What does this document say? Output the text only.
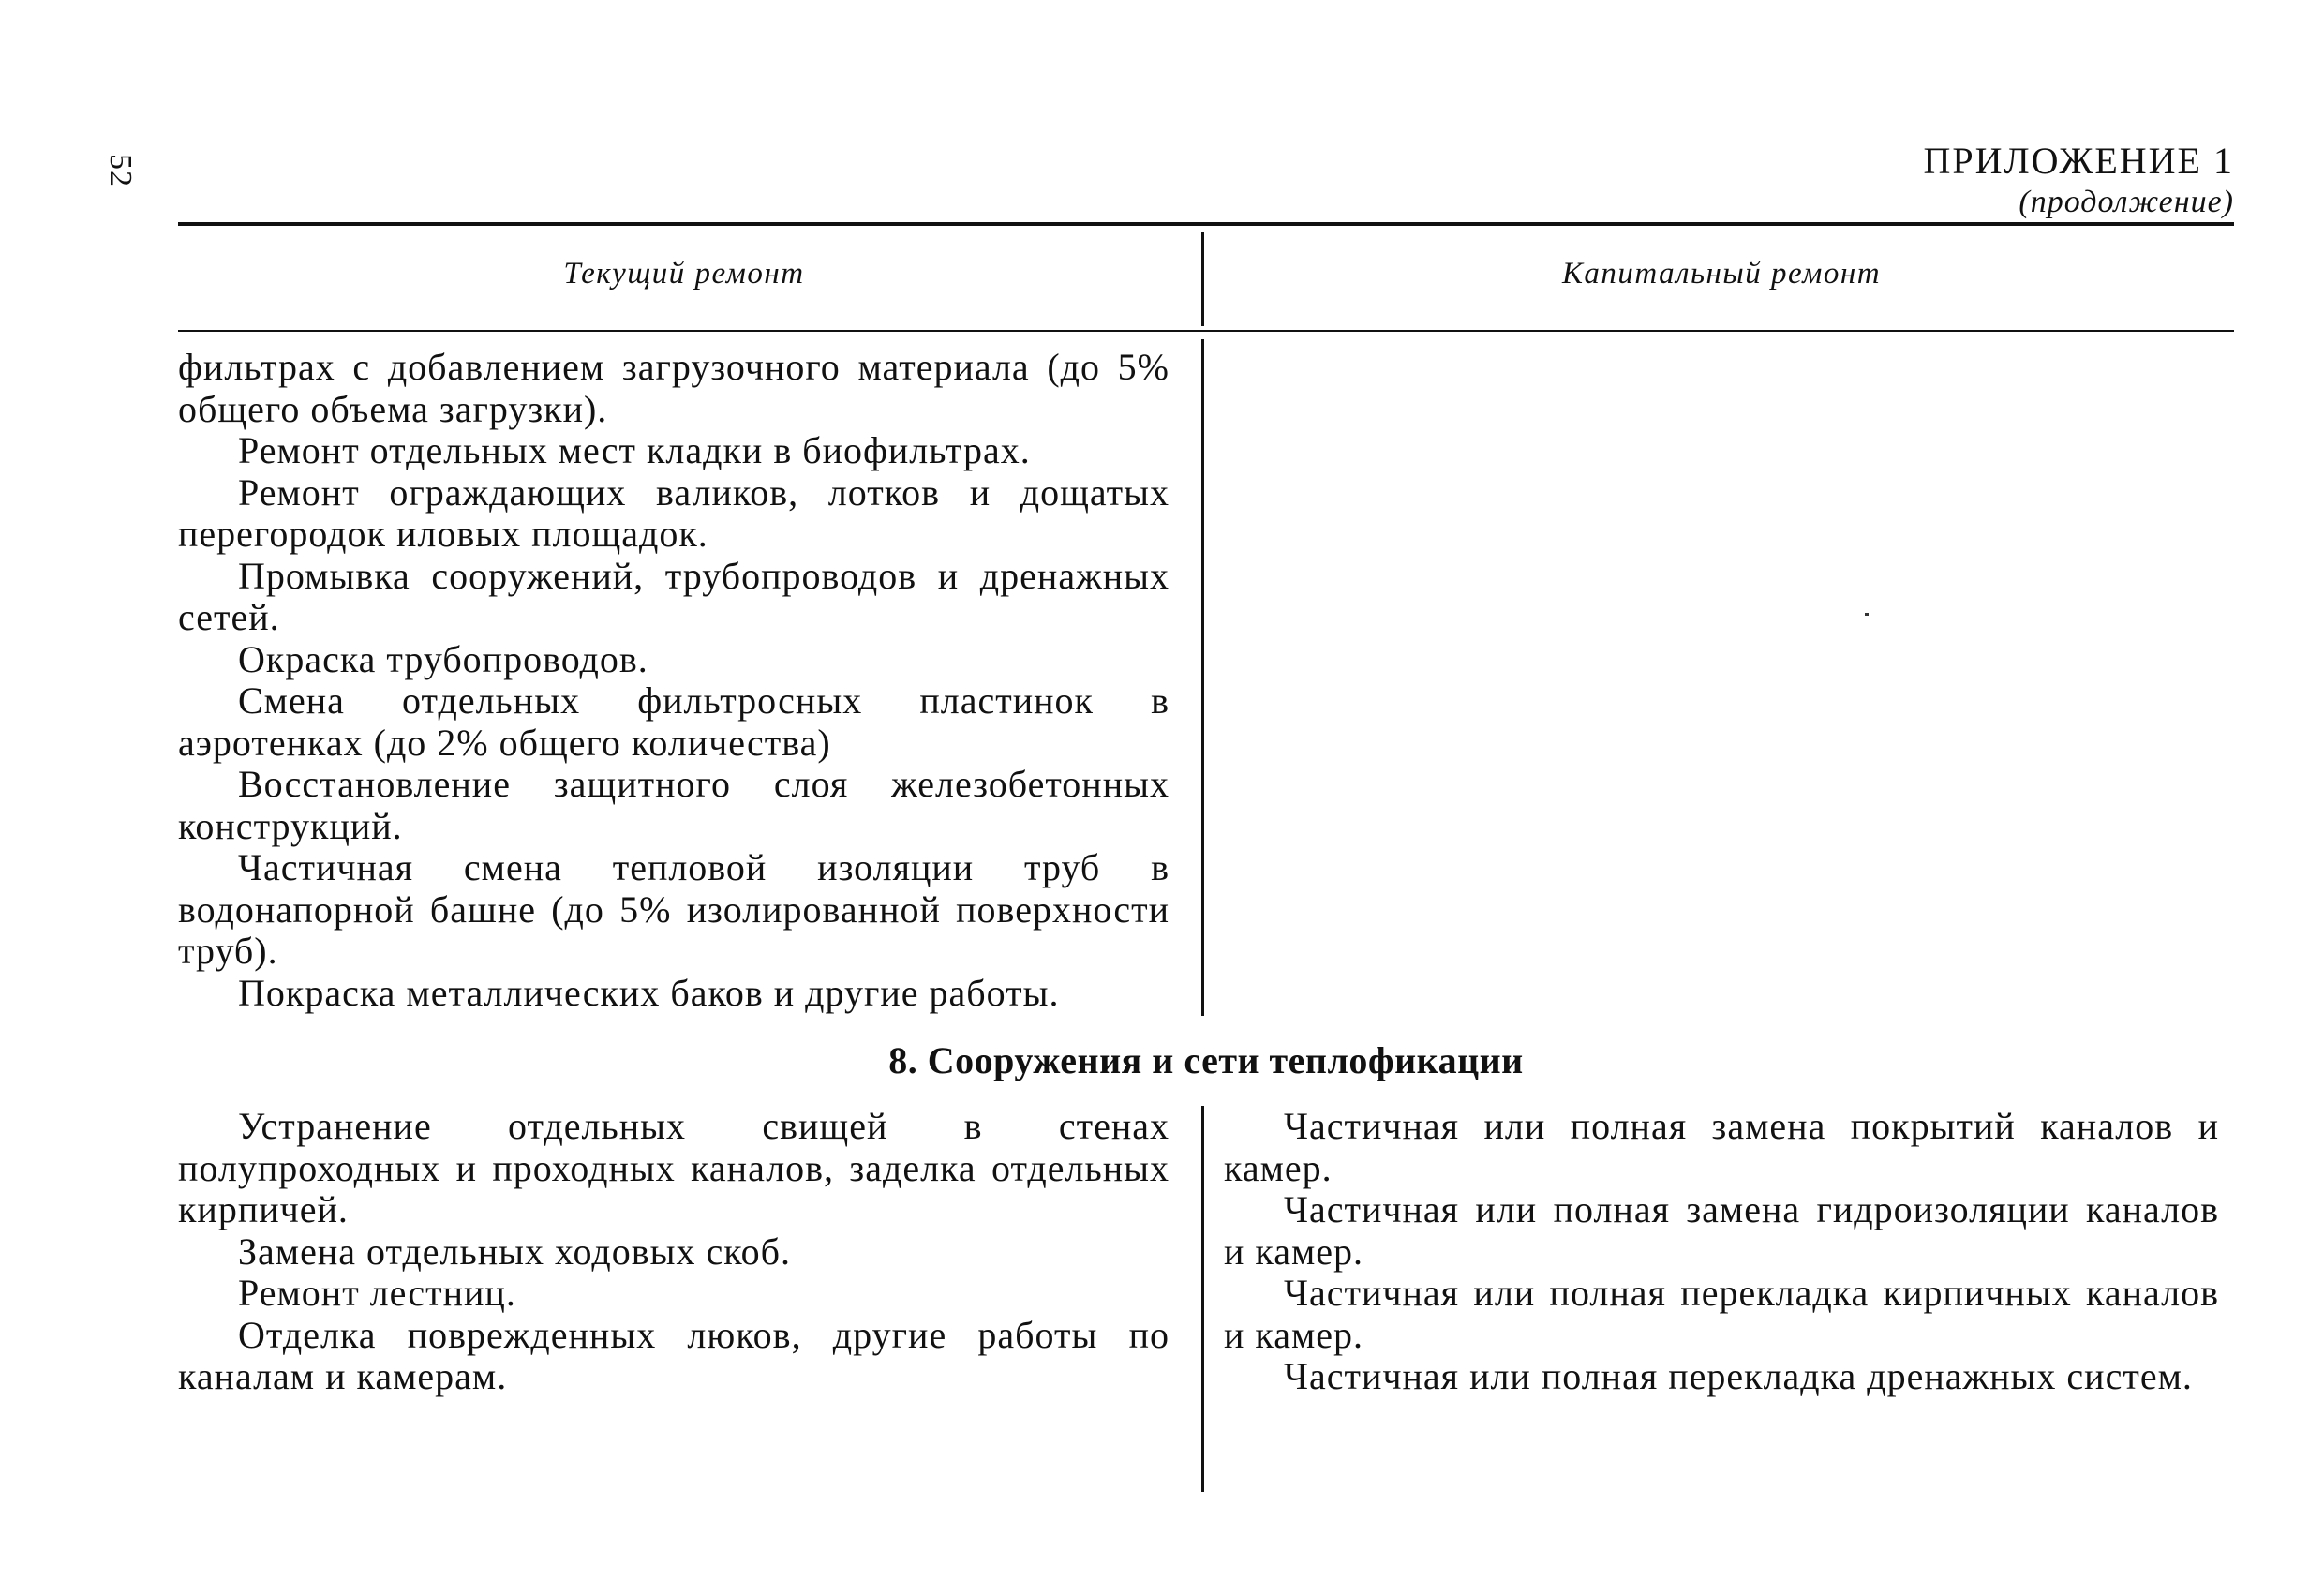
52	ПРИЛОЖЕНИЕ 1
(продолжение)
Текущий ремонт	Капитальный ремонт

фильтрах с добавлением загрузочного материала (до 5% общего объема загрузки).

Ремонт отдельных мест кладки в биофильтрах.

Ремонт ограждающих валиков, лотков и дощатых перегородок иловых площадок.

Промывка сооружений, трубопроводов и дренажных сетей.

Окраска трубопроводов.

Смена отдельных фильтросных пластинок в аэротенках (до 2% общего количества)

Восстановление защитного слоя железобетонных конструкций.

Частичная смена тепловой изоляции труб в водонапорной башне (до 5% изолированной поверхности труб).

Покраска металлических баков и другие работы.

8. Сооружения и сети теплофикации

Устранение отдельных свищей в стенах полупроходных и проходных каналов, заделка отдельных кирпичей.

Замена отдельных ходовых скоб.

Ремонт лестниц.

Отделка поврежденных люков, другие работы по каналам и камерам.

Частичная или полная замена покрытий каналов и камер.

Частичная или полная замена гидроизоляции каналов и камер.

Частичная или полная перекладка кирпичных каналов и камер.

Частичная или полная перекладка дренажных систем.
